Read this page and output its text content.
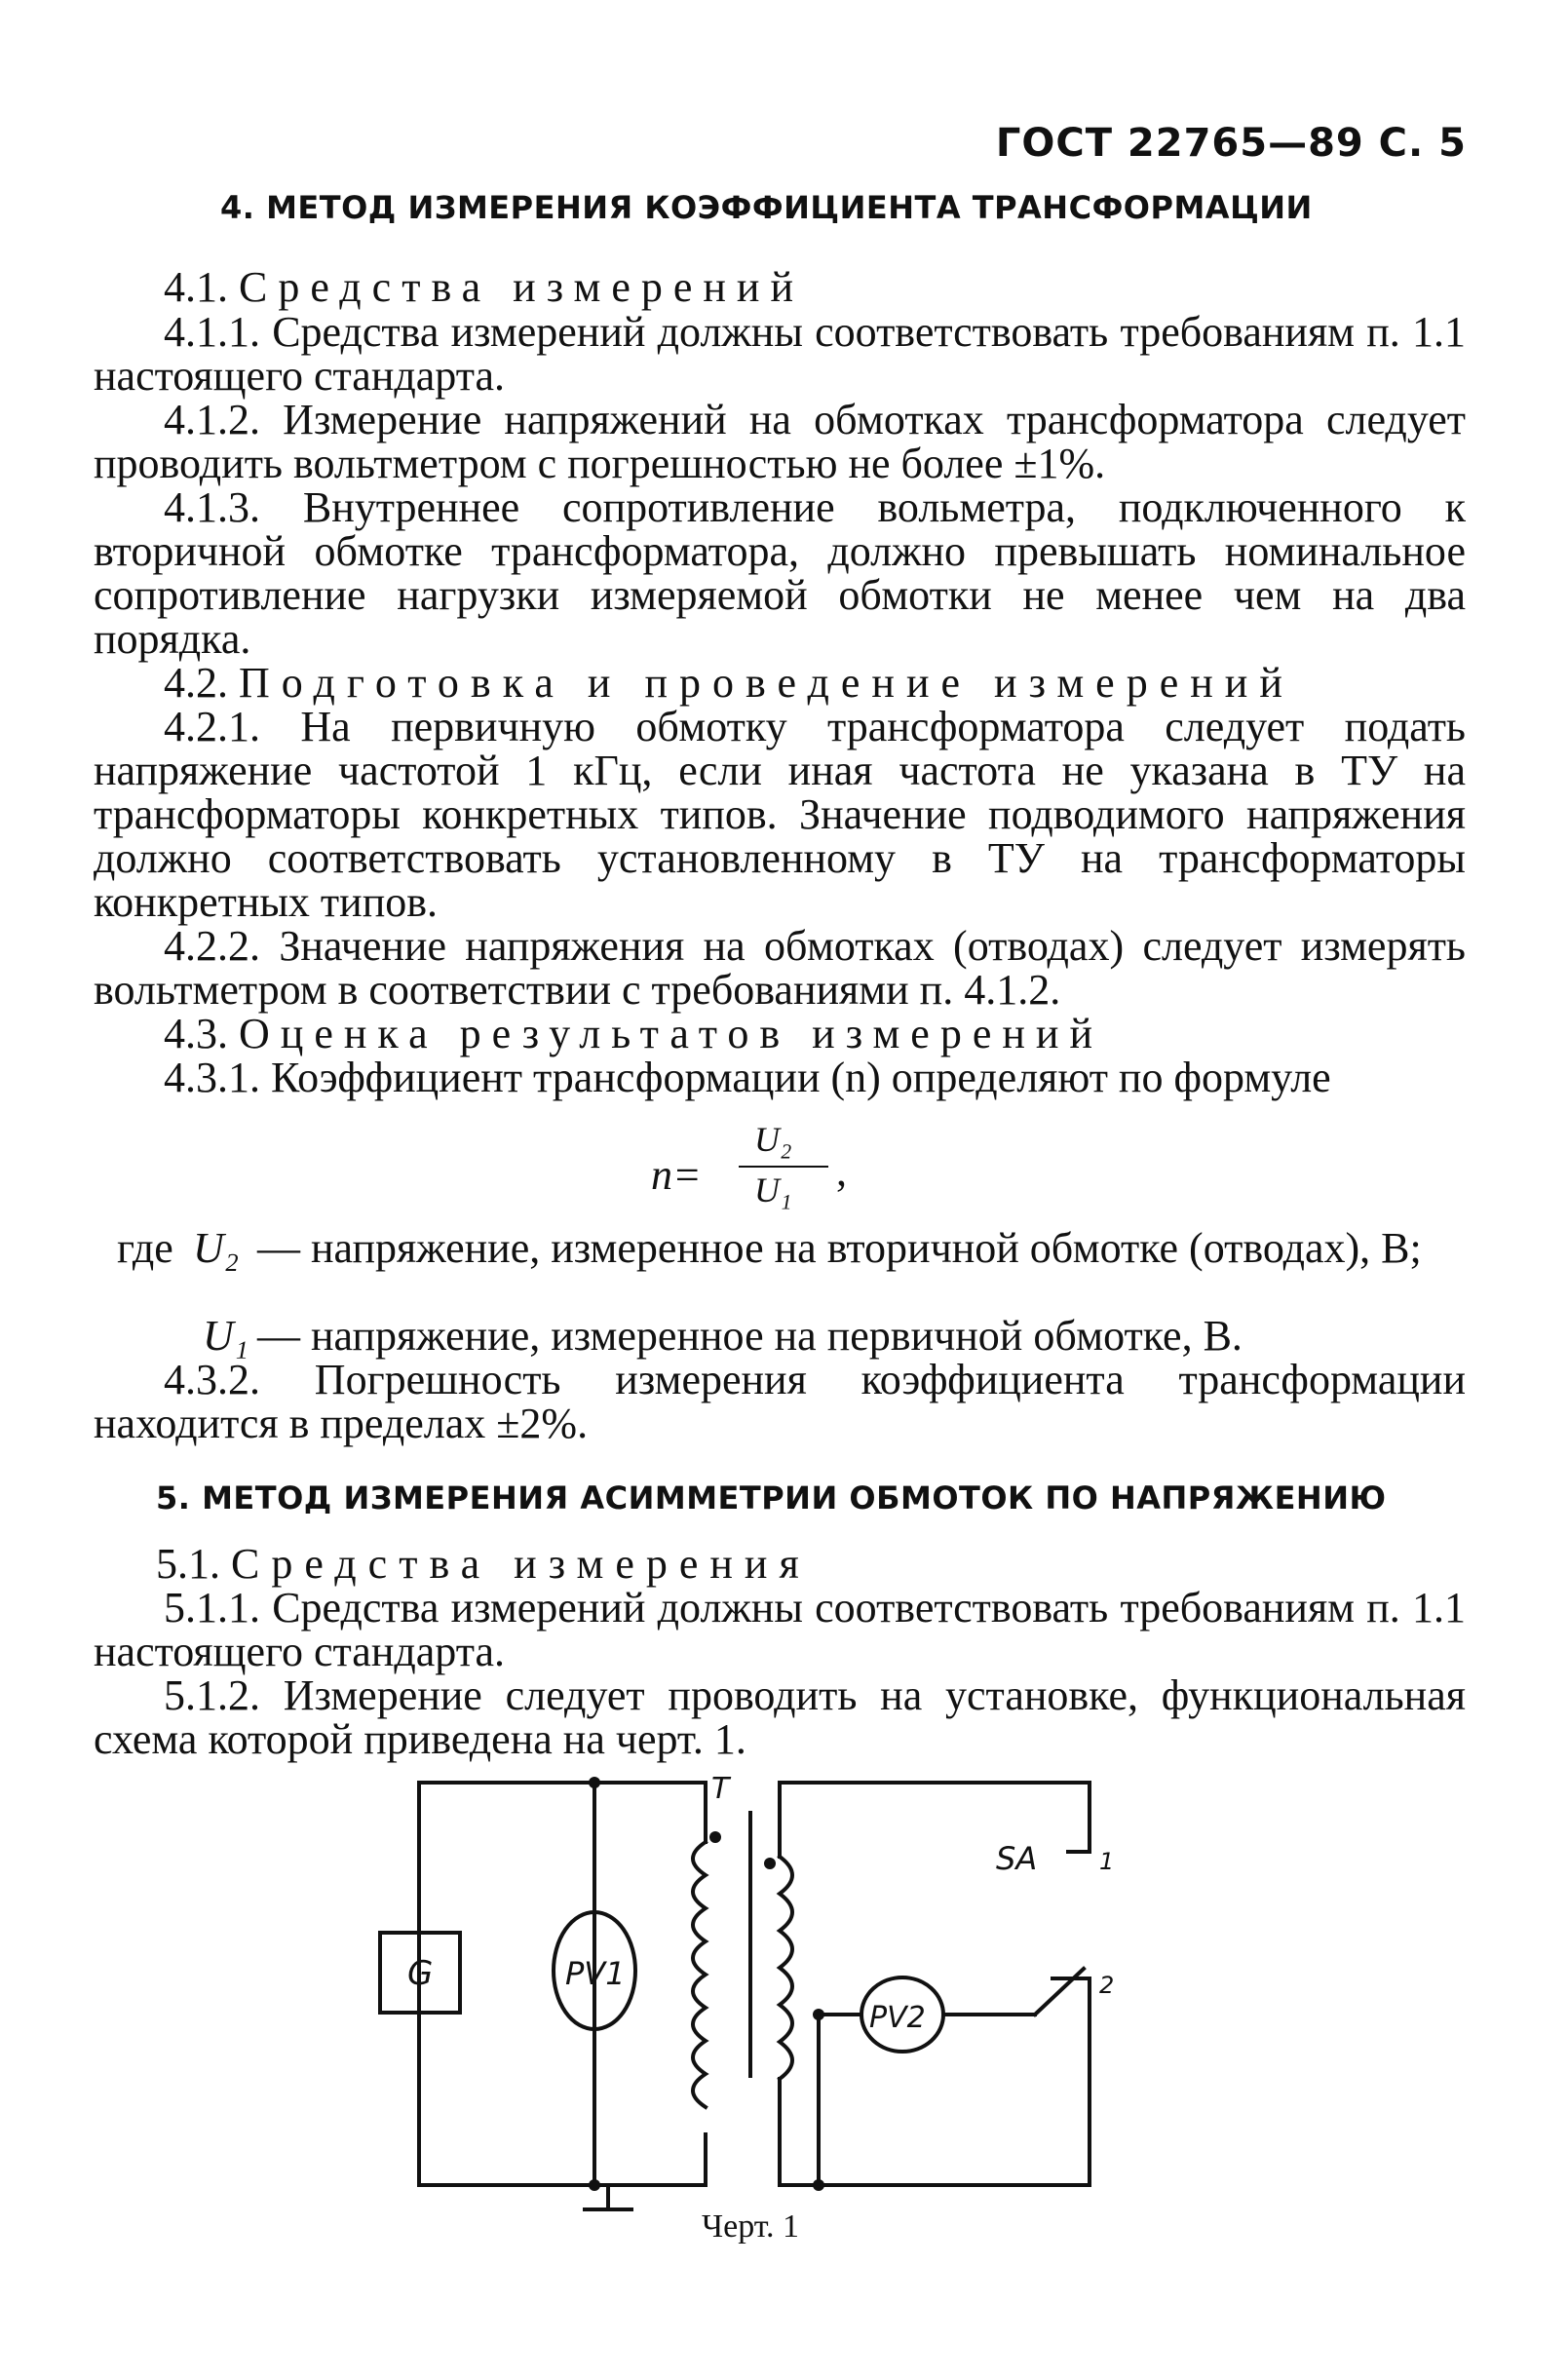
ГОСТ 22765—89 С. 5
4. МЕТОД ИЗМЕРЕНИЯ КОЭФФИЦИЕНТА ТРАНСФОРМАЦИИ
4.1. Средства измерений
4.1.1. Средства измерений должны соответствовать требованиям п. 1.1 настоящего стандарта.
4.1.2. Измерение напряжений на обмотках трансформатора следует проводить вольтметром с погрешностью не более ±1%.
4.1.3. Внутреннее сопротивление вольметра, подключенного к вторичной обмотке трансформатора, должно превышать номинальное сопротивление нагрузки измеряемой обмотки не менее чем на два порядка.
4.2. Подготовка и проведение измерений
4.2.1. На первичную обмотку трансформатора следует подать напряжение частотой 1 кГц, если иная частота не указана в ТУ на трансформаторы конкретных типов. Значение подводимого напряжения должно соответствовать установленному в ТУ на трансформаторы конкретных типов.
4.2.2. Значение напряжения на обмотках (отводах) следует измерять вольтметром в соответствии с требованиями п. 4.1.2.
4.3. Оценка результатов измерений
4.3.1. Коэффициент трансформации (n) определяют по формуле
n=
U₂
U₁ ,
где U₂ — напряжение, измеренное на вторичной обмотке (отводах), В;
U₁ — напряжение, измеренное на первичной обмотке, В.
4.3.2. Погрешность измерения коэффициента трансформации находится в пределах ±2%.
5. МЕТОД ИЗМЕРЕНИЯ АСИММЕТРИИ ОБМОТОК ПО НАПРЯЖЕНИЮ
5.1. Средства измерения
5.1.1. Средства измерений должны соответствовать требованиям п. 1.1 настоящего стандарта.
5.1.2. Измерение следует проводить на установке, функциональная схема которой приведена на черт. 1.
T
G	PV1
PV2
SA	1
2
Черт. 1
